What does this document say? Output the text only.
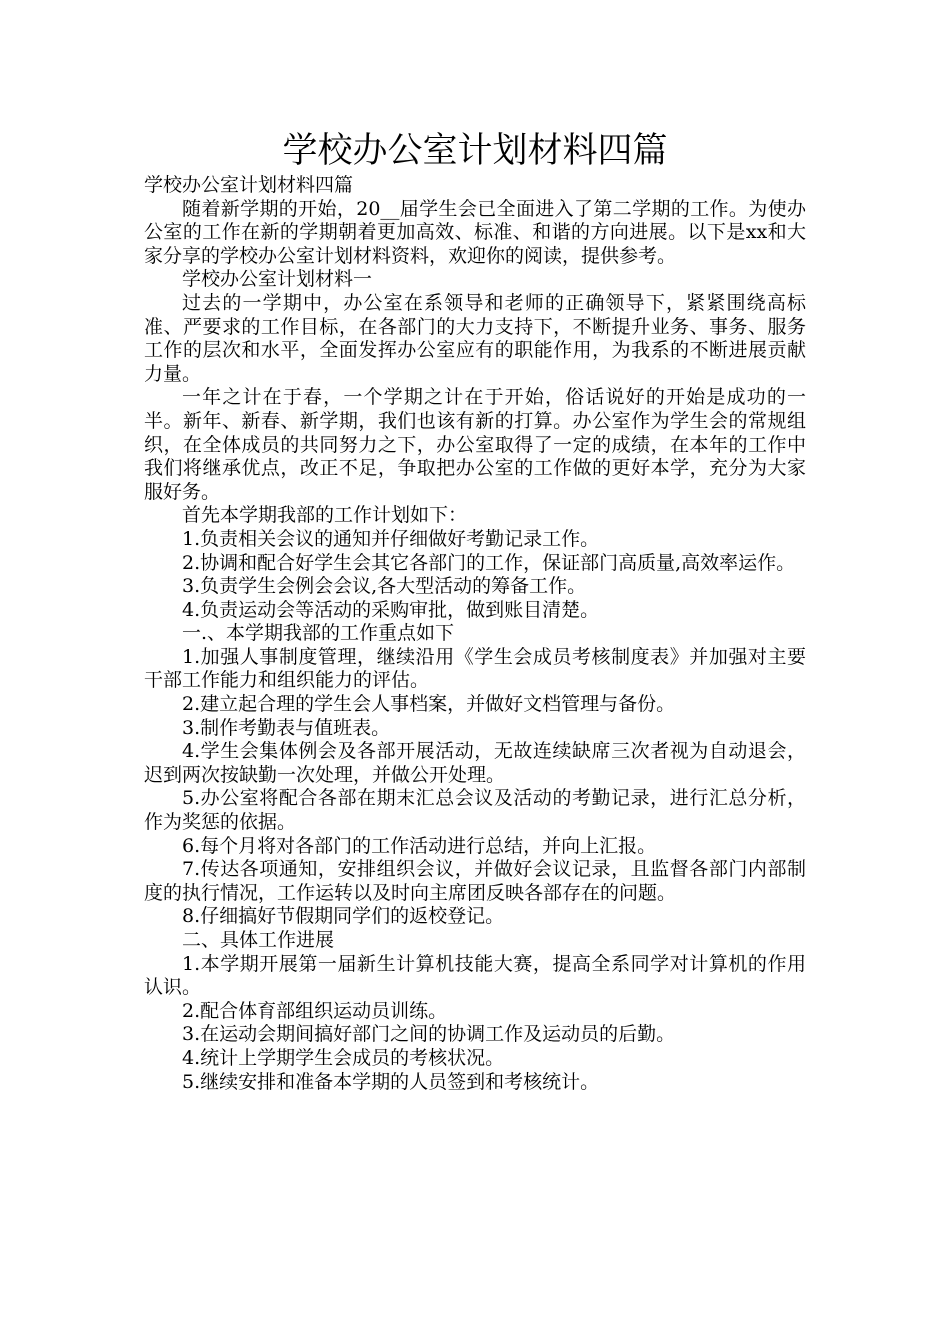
学校办公室计划材料四篇

学校办公室计划材料四篇

随着新学期的开始，20__届学生会已全面进入了第二学期的工作。为使办公室的工作在新的学期朝着更加高效、标准、和谐的方向进展。以下是xx和大家分享的学校办公室计划材料资料，欢迎你的阅读，提供参考。

学校办公室计划材料一

过去的一学期中，办公室在系领导和老师的正确领导下，紧紧围绕高标准、严要求的工作目标，在各部门的大力支持下，不断提升业务、事务、服务工作的层次和水平，全面发挥办公室应有的职能作用，为我系的不断进展贡献力量。

一年之计在于春，一个学期之计在于开始，俗话说好的开始是成功的一半。新年、新春、新学期，我们也该有新的打算。办公室作为学生会的常规组织，在全体成员的共同努力之下，办公室取得了一定的成绩，在本年的工作中我们将继承优点，改正不足，争取把办公室的工作做的更好本学，充分为大家服好务。

首先本学期我部的工作计划如下：

1.负责相关会议的通知并仔细做好考勤记录工作。

2.协调和配合好学生会其它各部门的工作，保证部门高质量,高效率运作。

3.负责学生会例会会议,各大型活动的筹备工作。

4.负责运动会等活动的采购审批，做到账目清楚。

一.、本学期我部的工作重点如下

1.加强人事制度管理，继续沿用《学生会成员考核制度表》并加强对主要干部工作能力和组织能力的评估。

2.建立起合理的学生会人事档案，并做好文档管理与备份。

3.制作考勤表与值班表。

4.学生会集体例会及各部开展活动，无故连续缺席三次者视为自动退会，迟到两次按缺勤一次处理，并做公开处理。

5.办公室将配合各部在期末汇总会议及活动的考勤记录，进行汇总分析，作为奖惩的依据。

6.每个月将对各部门的工作活动进行总结，并向上汇报。

7.传达各项通知，安排组织会议，并做好会议记录，且监督各部门内部制度的执行情况，工作运转以及时向主席团反映各部存在的问题。

8.仔细搞好节假期同学们的返校登记。

二、具体工作进展

1.本学期开展第一届新生计算机技能大赛，提高全系同学对计算机的作用认识。

2.配合体育部组织运动员训练。

3.在运动会期间搞好部门之间的协调工作及运动员的后勤。

4.统计上学期学生会成员的考核状况。

5.继续安排和准备本学期的人员签到和考核统计。
